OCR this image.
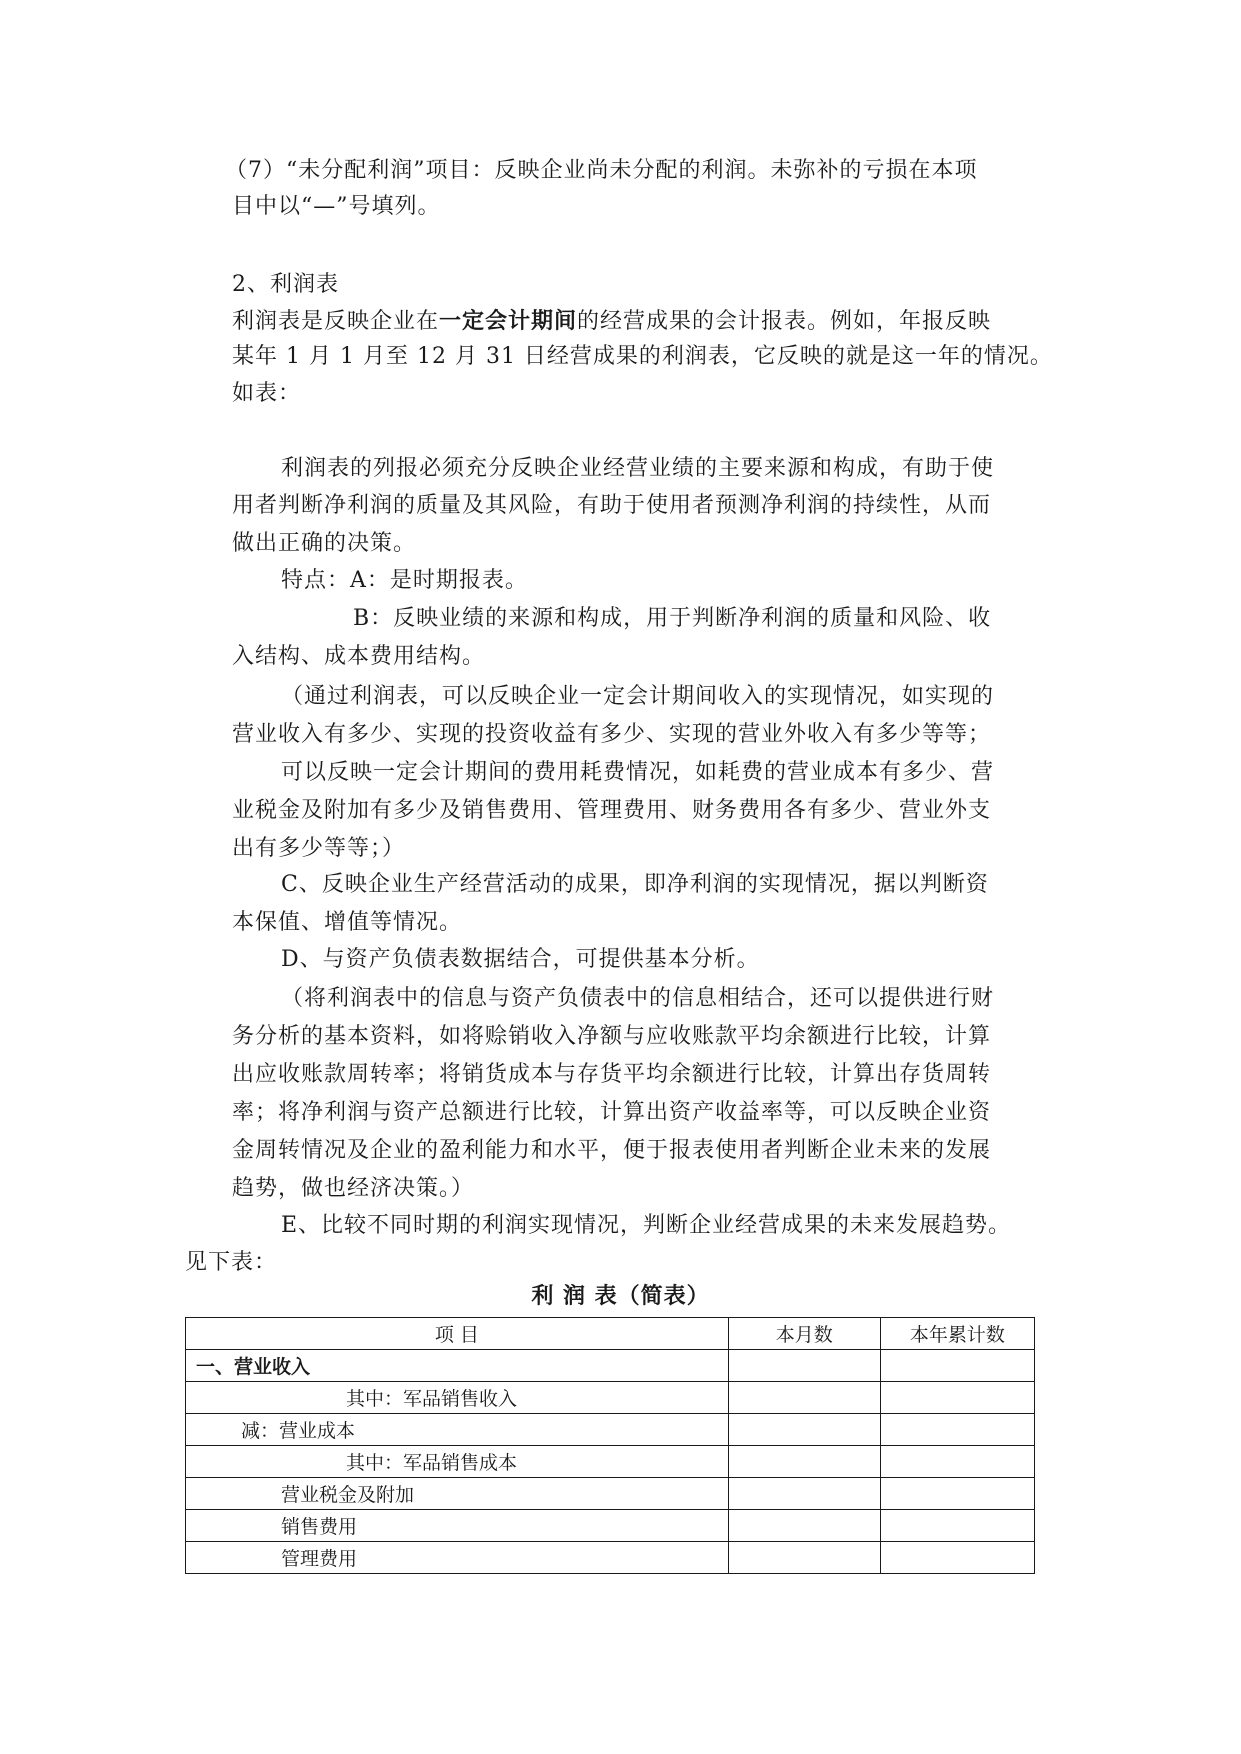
（7）“未分配利润”项目：反映企业尚未分配的利润。未弥补的亏损在本项
目中以“—”号填列。
2、利润表
利润表是反映企业在一定会计期间的经营成果的会计报表。例如，年报反映
某年 1 月 1 月至 12 月 31 日经营成果的利润表，它反映的就是这一年的情况。
如表：
利润表的列报必须充分反映企业经营业绩的主要来源和构成，有助于使
用者判断净利润的质量及其风险，有助于使用者预测净利润的持续性，从而
做出正确的决策。
特点：A：是时期报表。
B：反映业绩的来源和构成，用于判断净利润的质量和风险、收
入结构、成本费用结构。
（通过利润表，可以反映企业一定会计期间收入的实现情况，如实现的
营业收入有多少、实现的投资收益有多少、实现的营业外收入有多少等等；
可以反映一定会计期间的费用耗费情况，如耗费的营业成本有多少、营
业税金及附加有多少及销售费用、管理费用、财务费用各有多少、营业外支
出有多少等等；）
C、反映企业生产经营活动的成果，即净利润的实现情况，据以判断资
本保值、增值等情况。
D、与资产负债表数据结合，可提供基本分析。
（将利润表中的信息与资产负债表中的信息相结合，还可以提供进行财
务分析的基本资料，如将赊销收入净额与应收账款平均余额进行比较，计算
出应收账款周转率；将销货成本与存货平均余额进行比较，计算出存货周转
率；将净利润与资产总额进行比较，计算出资产收益率等，可以反映企业资
金周转情况及企业的盈利能力和水平，便于报表使用者判断企业未来的发展
趋势，做也经济决策。）
E、比较不同时期的利润实现情况，判断企业经营成果的未来发展趋势。
见下表：
利 润 表（简表）
项 目	本月数	本年累计数
一、营业收入		
其中：军品销售收入		
减：营业成本		
其中：军品销售成本		
营业税金及附加		
销售费用		
管理费用		
